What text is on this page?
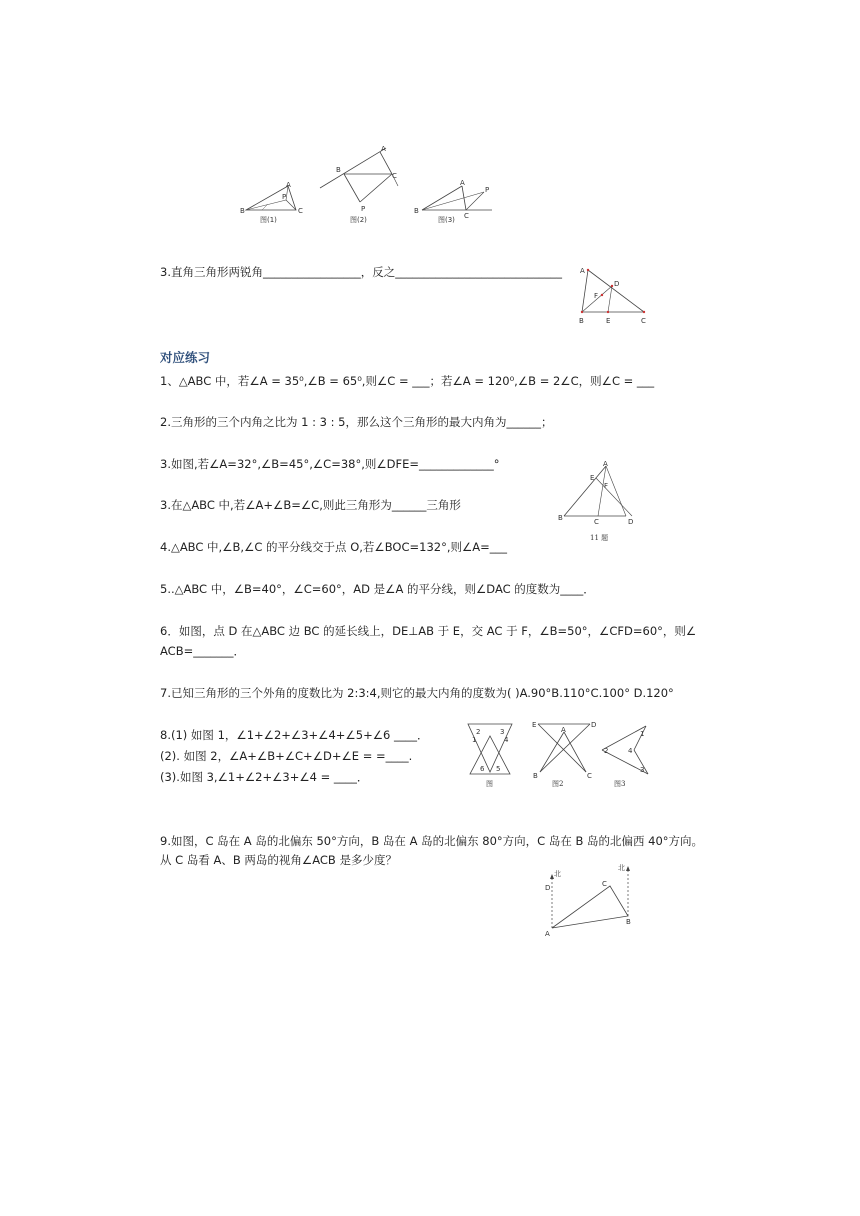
A
B	C
P
图(1)
A
B
C
P
图(2)
A
B
C
P
图(3)
3.直角三角形两锐角_________________，反之_____________________________	A
D
F
B	E	C
对应练习
1、△ABC 中，若∠A = 35⁰,∠B = 65⁰,则∠C = ___；若∠A = 120⁰,∠B = 2∠C，则∠C = ___
2.三角形的三个内角之比为 1 : 3 : 5，那么这个三角形的最大内角为______；
3.如图,若∠A=32°,∠B=45°,∠C=38°,则∠DFE=_____________°
3.在△ABC 中,若∠A+∠B=∠C,则此三角形为______三角形
4.△ABC 中,∠B,∠C 的平分线交于点 O,若∠BOC=132°,则∠A=___
5..△ABC 中，∠B=40°，∠C=60°，AD 是∠A 的平分线，则∠DAC 的度数为____．
6．如图，点 D 在△ABC 边 BC 的延长线上，DE⊥AB 于 E，交 AC 于 F，∠B=50°，∠CFD=60°，则∠
ACB=_______．
7.已知三角形的三个外角的度数比为 2:3:4,则它的最大内角的度数为( )A.90°B.110°C.100° D.120°
8.(1) 如图 1，∠1+∠2+∠3+∠4+∠5+∠6 ____．
(2). 如图 2，∠A+∠B+∠C+∠D+∠E = =____.
(3).如图 3,∠1+∠2+∠3+∠4 = ____．
9.如图，C 岛在 A 岛的北偏东 50°方向，B 岛在 A 岛的北偏东 80°方向，C 岛在 B 岛的北偏西 40°方向。
从 C 岛看 A、B 两岛的视角∠ACB 是多少度？
A
E
F
B	C	D
11 题
2	3
1	4
6 5
图
E	D
A
B	C
图2
2
1
4
3
图3
北
北
D	C
B
A
